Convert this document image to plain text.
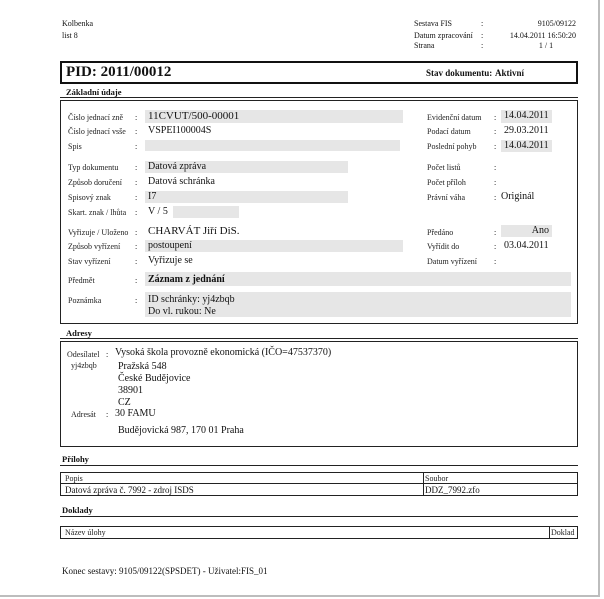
Kolbenka
list 8
Sestava FIS	:	9105/09122
Datum zpracování :	14.04.2011 16:50:20
Strana	:	1 / 1
PID: 2011/00012	Stav dokumentu: Aktivní
Základní údaje
Číslo jednací zně : 11CVUT/500-00001
Číslo jednací vsše : VSPEI100004S
Spis	:
Typ dokumentu :	Datová zpráva
Způsob doručení : Datová schránka
Spisový znak	:	I7
Skart. znak / lhůta : V / 5
Vyřizuje / Uloženo : CHARVÁT Jiří DiS.
Způsob vyřízení :	postoupení
Stav vyřízení	: Vyřizuje se
Evidenční datum : 14.04.2011
Podací datum	: 29.03.2011
Poslední pohyb : 14.04.2011
Počet listů	:
Počet příloh	:
Právní váha	: Originál
Předáno	:	Ano
Vyřídit do	: 03.04.2011
Datum vyřízení :
Předmět	: Záznam z jednání
Poznámka	: ID schránky: yj4zbqb
Do vl. rukou: Ne
Adresy
Odesílatel : Vysoká škola provozně ekonomická (IČO=47537370)
yj4zbqb Pražská 548
České Budějovice
38901
CZ
Adresát : 30 FAMU
Budějovická 987, 170 01 Praha
Přílohy
Popis	Soubor
Datová zpráva č. 7992 - zdroj ISDS	DDZ_7992.zfo
Doklady
Název úlohy	Doklad
Konec sestavy: 9105/09122(SPSDET) - Uživatel:FIS_01
